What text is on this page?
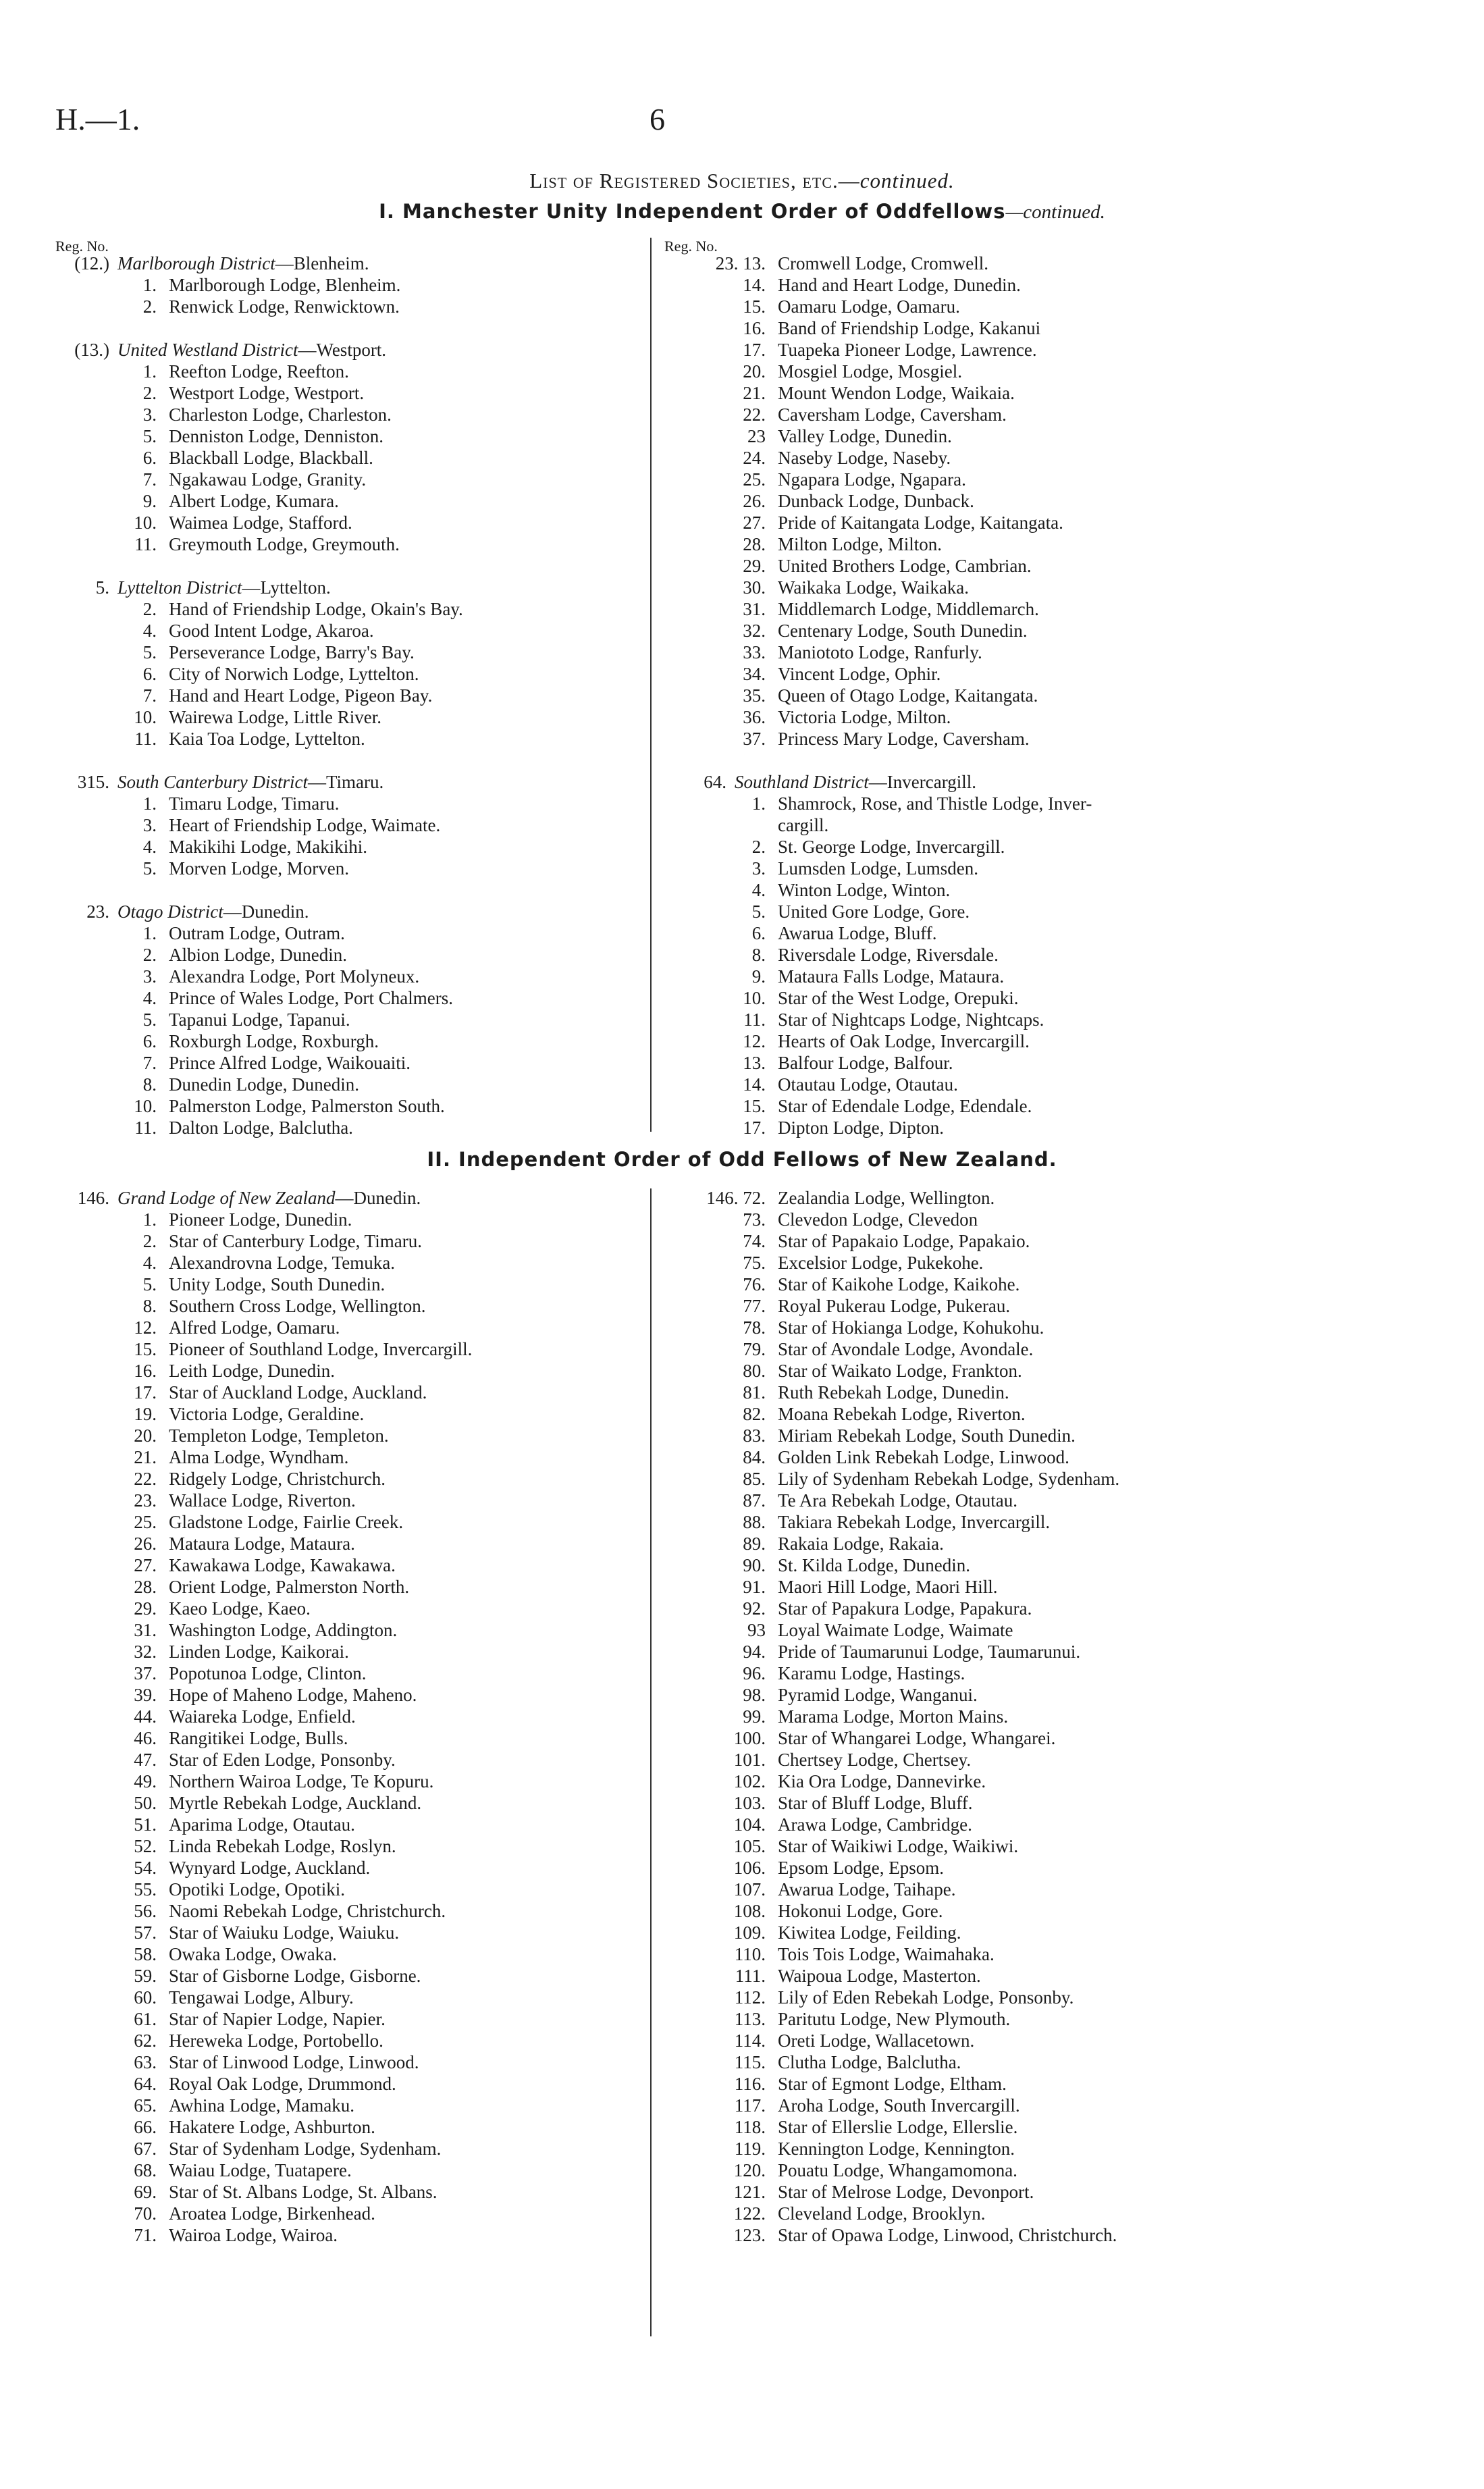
H.—1.	6
List of Registered Societies, etc.—continued.
I. Manchester Unity Independent Order of Oddfellows—continued.
Reg. No.	Reg. No.
(12.) Marlborough District—Blenheim.
1. Marlborough Lodge, Blenheim.
2. Renwick Lodge, Renwicktown.
(13.) United Westland District—Westport.
1. Reefton Lodge, Reefton.
2. Westport Lodge, Westport.
3. Charleston Lodge, Charleston.
5. Denniston Lodge, Denniston.
6. Blackball Lodge, Blackball.
7. Ngakawau Lodge, Granity.
9. Albert Lodge, Kumara.
10. Waimea Lodge, Stafford.
11. Greymouth Lodge, Greymouth.
5. Lyttelton District—Lyttelton.
2. Hand of Friendship Lodge, Okain's Bay.
4. Good Intent Lodge, Akaroa.
5. Perseverance Lodge, Barry's Bay.
6. City of Norwich Lodge, Lyttelton.
7. Hand and Heart Lodge, Pigeon Bay.
10. Wairewa Lodge, Little River.
11. Kaia Toa Lodge, Lyttelton.
315. South Canterbury District—Timaru.
1. Timaru Lodge, Timaru.
3. Heart of Friendship Lodge, Waimate.
4. Makikihi Lodge, Makikihi.
5. Morven Lodge, Morven.
23. Otago District—Dunedin.
1. Outram Lodge, Outram.
2. Albion Lodge, Dunedin.
3. Alexandra Lodge, Port Molyneux.
4. Prince of Wales Lodge, Port Chalmers.
5. Tapanui Lodge, Tapanui.
6. Roxburgh Lodge, Roxburgh.
7. Prince Alfred Lodge, Waikouaiti.
8. Dunedin Lodge, Dunedin.
10. Palmerston Lodge, Palmerston South.
11. Dalton Lodge, Balclutha.
23. 13. Cromwell Lodge, Cromwell.
14. Hand and Heart Lodge, Dunedin.
15. Oamaru Lodge, Oamaru.
16. Band of Friendship Lodge, Kakanui
17. Tuapeka Pioneer Lodge, Lawrence.
20. Mosgiel Lodge, Mosgiel.
21. Mount Wendon Lodge, Waikaia.
22. Caversham Lodge, Caversham.
23 Valley Lodge, Dunedin.
24. Naseby Lodge, Naseby.
25. Ngapara Lodge, Ngapara.
26. Dunback Lodge, Dunback.
27. Pride of Kaitangata Lodge, Kaitangata.
28. Milton Lodge, Milton.
29. United Brothers Lodge, Cambrian.
30. Waikaka Lodge, Waikaka.
31. Middlemarch Lodge, Middlemarch.
32. Centenary Lodge, South Dunedin.
33. Maniototo Lodge, Ranfurly.
34. Vincent Lodge, Ophir.
35. Queen of Otago Lodge, Kaitangata.
36. Victoria Lodge, Milton.
37. Princess Mary Lodge, Caversham.
64. Southland District—Invercargill.
1. Shamrock, Rose, and Thistle Lodge, Inver-
cargill.
2. St. George Lodge, Invercargill.
3. Lumsden Lodge, Lumsden.
4. Winton Lodge, Winton.
5. United Gore Lodge, Gore.
6. Awarua Lodge, Bluff.
8. Riversdale Lodge, Riversdale.
9. Mataura Falls Lodge, Mataura.
10. Star of the West Lodge, Orepuki.
11. Star of Nightcaps Lodge, Nightcaps.
12. Hearts of Oak Lodge, Invercargill.
13. Balfour Lodge, Balfour.
14. Otautau Lodge, Otautau.
15. Star of Edendale Lodge, Edendale.
17. Dipton Lodge, Dipton.
II. Independent Order of Odd Fellows of New Zealand.
146. Grand Lodge of New Zealand—Dunedin.
1. Pioneer Lodge, Dunedin.
2. Star of Canterbury Lodge, Timaru.
4. Alexandrovna Lodge, Temuka.
5. Unity Lodge, South Dunedin.
8. Southern Cross Lodge, Wellington.
12. Alfred Lodge, Oamaru.
15. Pioneer of Southland Lodge, Invercargill.
16. Leith Lodge, Dunedin.
17. Star of Auckland Lodge, Auckland.
19. Victoria Lodge, Geraldine.
20. Templeton Lodge, Templeton.
21. Alma Lodge, Wyndham.
22. Ridgely Lodge, Christchurch.
23. Wallace Lodge, Riverton.
25. Gladstone Lodge, Fairlie Creek.
26. Mataura Lodge, Mataura.
27. Kawakawa Lodge, Kawakawa.
28. Orient Lodge, Palmerston North.
29. Kaeo Lodge, Kaeo.
31. Washington Lodge, Addington.
32. Linden Lodge, Kaikorai.
37. Popotunoa Lodge, Clinton.
39. Hope of Maheno Lodge, Maheno.
44. Waiareka Lodge, Enfield.
46. Rangitikei Lodge, Bulls.
47. Star of Eden Lodge, Ponsonby.
49. Northern Wairoa Lodge, Te Kopuru.
50. Myrtle Rebekah Lodge, Auckland.
51. Aparima Lodge, Otautau.
52. Linda Rebekah Lodge, Roslyn.
54. Wynyard Lodge, Auckland.
55. Opotiki Lodge, Opotiki.
56. Naomi Rebekah Lodge, Christchurch.
57. Star of Waiuku Lodge, Waiuku.
58. Owaka Lodge, Owaka.
59. Star of Gisborne Lodge, Gisborne.
60. Tengawai Lodge, Albury.
61. Star of Napier Lodge, Napier.
62. Hereweka Lodge, Portobello.
63. Star of Linwood Lodge, Linwood.
64. Royal Oak Lodge, Drummond.
65. Awhina Lodge, Mamaku.
66. Hakatere Lodge, Ashburton.
67. Star of Sydenham Lodge, Sydenham.
68. Waiau Lodge, Tuatapere.
69. Star of St. Albans Lodge, St. Albans.
70. Aroatea Lodge, Birkenhead.
71. Wairoa Lodge, Wairoa.
146. 72. Zealandia Lodge, Wellington.
73. Clevedon Lodge, Clevedon
74. Star of Papakaio Lodge, Papakaio.
75. Excelsior Lodge, Pukekohe.
76. Star of Kaikohe Lodge, Kaikohe.
77. Royal Pukerau Lodge, Pukerau.
78. Star of Hokianga Lodge, Kohukohu.
79. Star of Avondale Lodge, Avondale.
80. Star of Waikato Lodge, Frankton.
81. Ruth Rebekah Lodge, Dunedin.
82. Moana Rebekah Lodge, Riverton.
83. Miriam Rebekah Lodge, South Dunedin.
84. Golden Link Rebekah Lodge, Linwood.
85. Lily of Sydenham Rebekah Lodge, Sydenham.
87. Te Ara Rebekah Lodge, Otautau.
88. Takiara Rebekah Lodge, Invercargill.
89. Rakaia Lodge, Rakaia.
90. St. Kilda Lodge, Dunedin.
91. Maori Hill Lodge, Maori Hill.
92. Star of Papakura Lodge, Papakura.
93 Loyal Waimate Lodge, Waimate
94. Pride of Taumarunui Lodge, Taumarunui.
96. Karamu Lodge, Hastings.
98. Pyramid Lodge, Wanganui.
99. Marama Lodge, Morton Mains.
100. Star of Whangarei Lodge, Whangarei.
101. Chertsey Lodge, Chertsey.
102. Kia Ora Lodge, Dannevirke.
103. Star of Bluff Lodge, Bluff.
104. Arawa Lodge, Cambridge.
105. Star of Waikiwi Lodge, Waikiwi.
106. Epsom Lodge, Epsom.
107. Awarua Lodge, Taihape.
108. Hokonui Lodge, Gore.
109. Kiwitea Lodge, Feilding.
110. Tois Tois Lodge, Waimahaka.
111. Waipoua Lodge, Masterton.
112. Lily of Eden Rebekah Lodge, Ponsonby.
113. Paritutu Lodge, New Plymouth.
114. Oreti Lodge, Wallacetown.
115. Clutha Lodge, Balclutha.
116. Star of Egmont Lodge, Eltham.
117. Aroha Lodge, South Invercargill.
118. Star of Ellerslie Lodge, Ellerslie.
119. Kennington Lodge, Kennington.
120. Pouatu Lodge, Whangamomona.
121. Star of Melrose Lodge, Devonport.
122. Cleveland Lodge, Brooklyn.
123. Star of Opawa Lodge, Linwood, Christchurch.
